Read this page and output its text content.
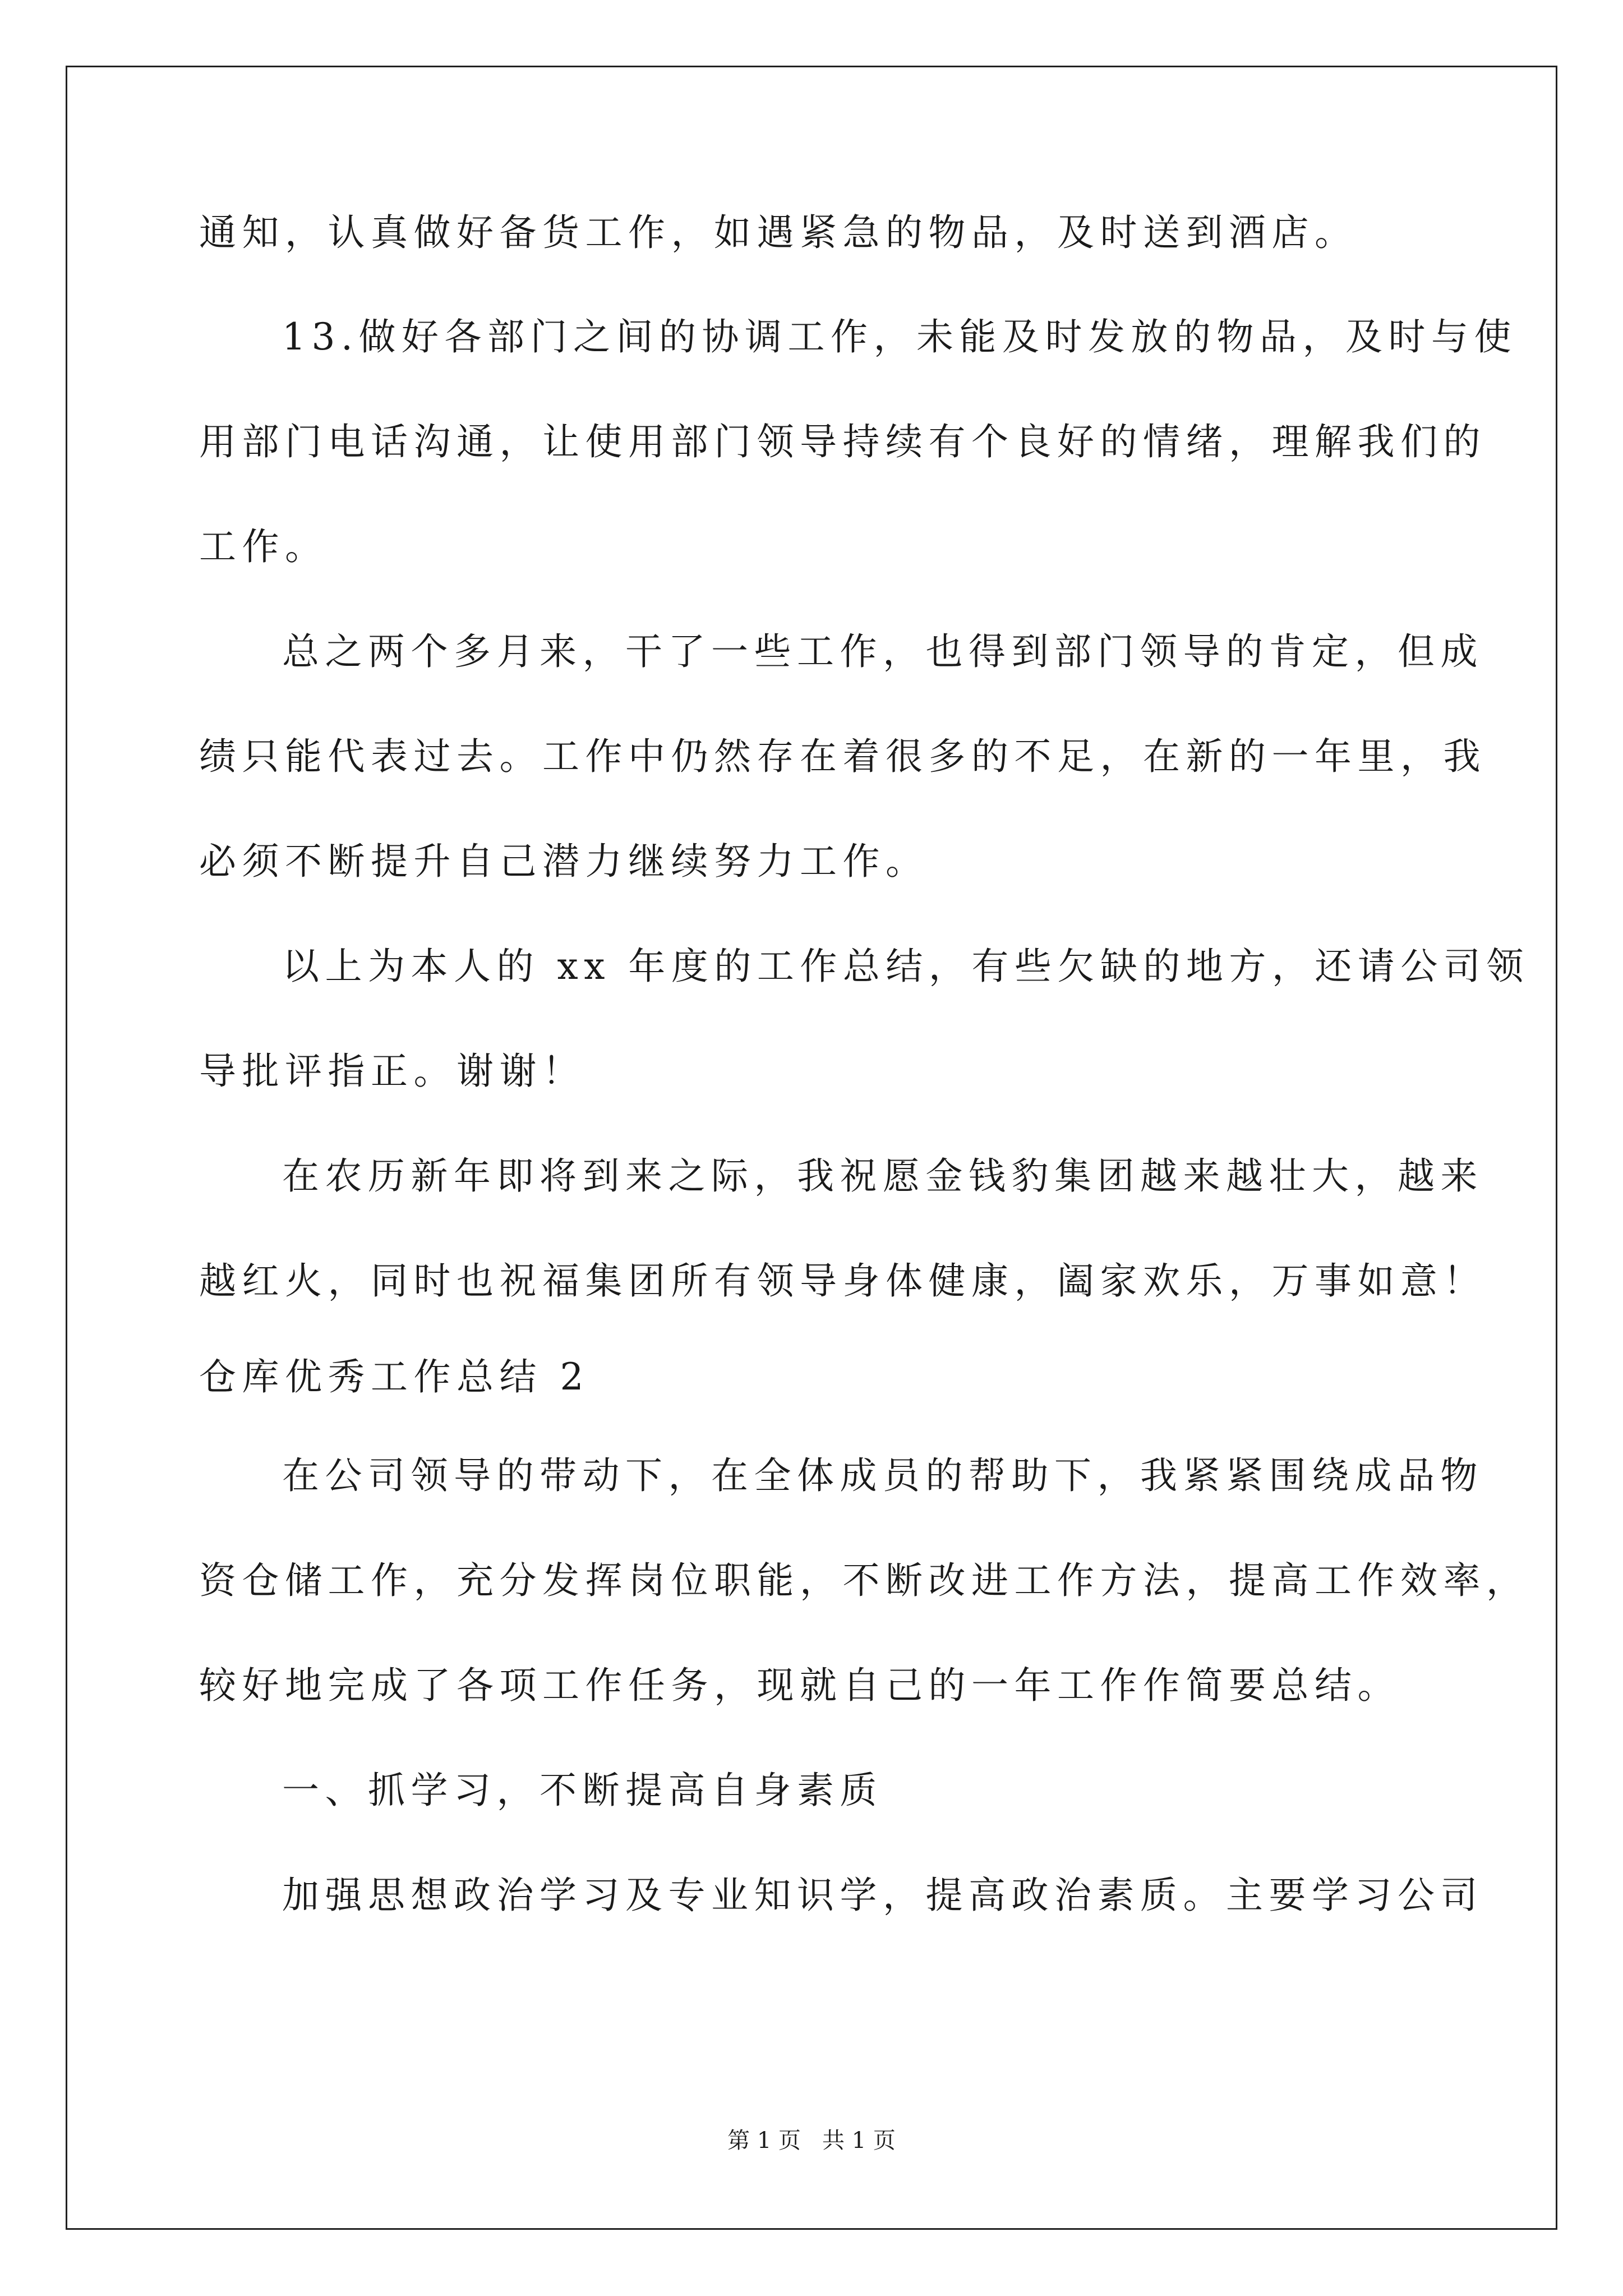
通知，认真做好备货工作，如遇紧急的物品，及时送到酒店。
13.做好各部门之间的协调工作，未能及时发放的物品，及时与使
用部门电话沟通，让使用部门领导持续有个良好的情绪，理解我们的
工作。
总之两个多月来，干了一些工作，也得到部门领导的肯定，但成
绩只能代表过去。工作中仍然存在着很多的不足，在新的一年里，我
必须不断提升自己潜力继续努力工作。
以上为本人的 xx 年度的工作总结，有些欠缺的地方，还请公司领
导批评指正。谢谢！
在农历新年即将到来之际，我祝愿金钱豹集团越来越壮大，越来
越红火，同时也祝福集团所有领导身体健康，阖家欢乐，万事如意！
仓库优秀工作总结 2
在公司领导的带动下，在全体成员的帮助下，我紧紧围绕成品物
资仓储工作，充分发挥岗位职能，不断改进工作方法，提高工作效率，
较好地完成了各项工作任务，现就自己的一年工作作简要总结。
一、抓学习，不断提高自身素质
加强思想政治学习及专业知识学，提高政治素质。主要学习公司
第 1 页 共 1 页
